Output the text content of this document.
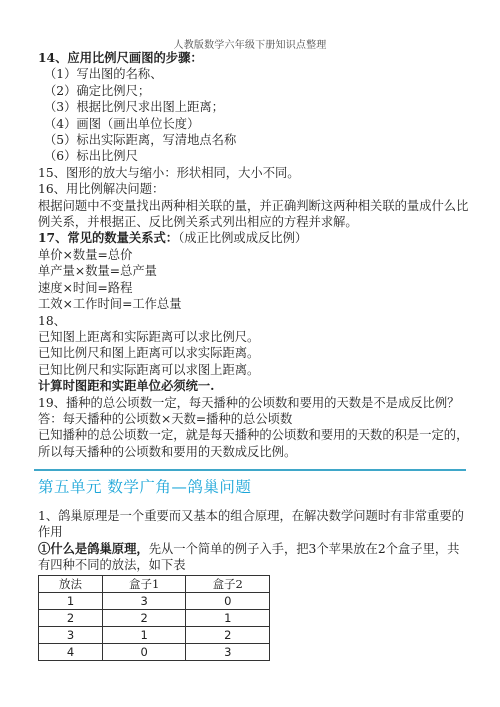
人教版数学六年级下册知识点整理
14、应用比例尺画图的步骤：
（1）写出图的名称、
（2）确定比例尺；
（3）根据比例尺求出图上距离；
（4）画图（画出单位长度）
（5）标出实际距离，写清地点名称
（6）标出比例尺
15、图形的放大与缩小：形状相同，大小不同。
16、用比例解决问题：
根据问题中不变量找出两种相关联的量，并正确判断这两种相关联的量成什么比例关系，并根据正、反比例关系式列出相应的方程并求解。
17、常见的数量关系式：（成正比例或成反比例）
单价×数量=总价
单产量×数量=总产量
速度×时间=路程
工效×工作时间=工作总量
18、
已知图上距离和实际距离可以求比例尺。
已知比例尺和图上距离可以求实际距离。
已知比例尺和实际距离可以求图上距离。
计算时图距和实距单位必须统一.
19、播种的总公顷数一定，每天播种的公顷数和要用的天数是不是成反比例？
答：每天播种的公顷数×天数=播种的总公顷数
已知播种的总公顷数一定，就是每天播种的公顷数和要用的天数的积是一定的，所以每天播种的公顷数和要用的天数成反比例。
第五单元 数学广角—鸽巢问题
1、鸽巢原理是一个重要而又基本的组合原理，在解决数学问题时有非常重要的作用
①什么是鸽巢原理，先从一个简单的例子入手，把3个苹果放在2个盒子里，共有四种不同的放法，如下表
放法	盒子1	盒子2
1	3	0
2	2	1
3	1	2
4	0	3
